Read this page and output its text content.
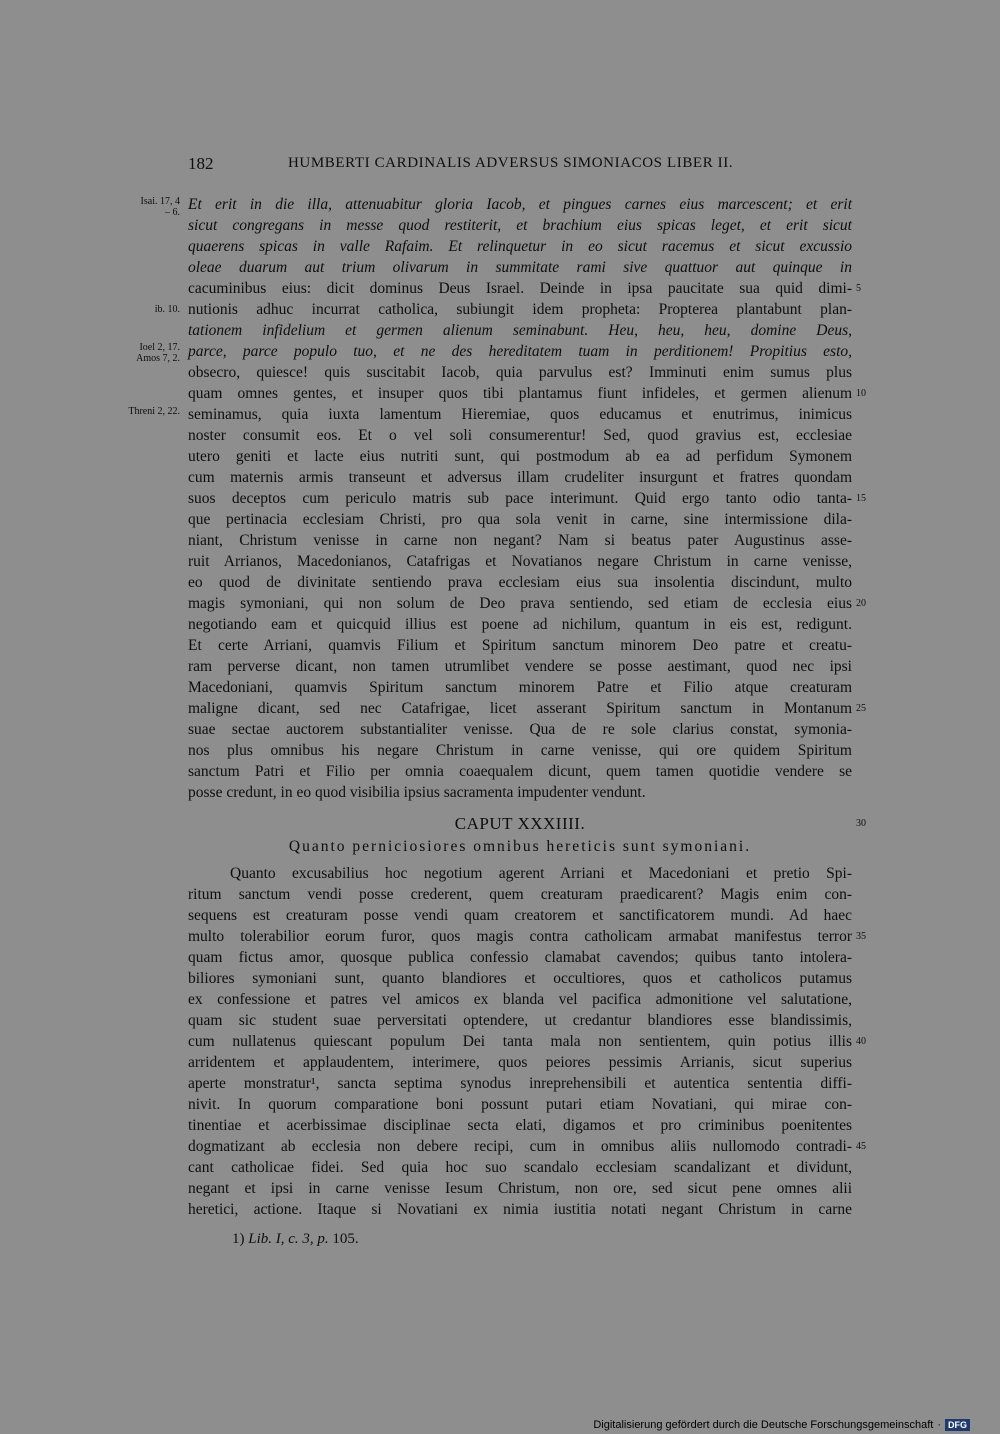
182	HUMBERTI CARDINALIS ADVERSUS SIMONIACOS LIBER II.
Isai. 17, 4
– 6.
ib. 10.
Ioel 2, 17.
Amos 7, 2.
Threni 2, 22.
Et erit in die illa, attenuabitur gloria Iacob, et pingues carnes eius marcescent; et erit
sicut congregans in messe quod restiterit, et brachium eius spicas leget, et erit sicut
quaerens spicas in valle Rafaim. Et relinquetur in eo sicut racemus et sicut excussio
oleae duarum aut trium olivarum in summitate rami sive quattuor aut quinque in
cacuminibus eius: dicit dominus Deus Israel. Deinde in ipsa paucitate sua quid dimi-
nutionis adhuc incurrat catholica, subiungit idem propheta: Propterea plantabunt plan-
tationem infidelium et germen alienum seminabunt. Heu, heu, heu, domine Deus,
parce, parce populo tuo, et ne des hereditatem tuam in perditionem! Propitius esto,
obsecro, quiesce! quis suscitabit Iacob, quia parvulus est? Imminuti enim sumus plus
quam omnes gentes, et insuper quos tibi plantamus fiunt infideles, et germen alienum
seminamus, quia iuxta lamentum Hieremiae, quos educamus et enutrimus, inimicus
noster consumit eos. Et o vel soli consumerentur! Sed, quod gravius est, ecclesiae
utero geniti et lacte eius nutriti sunt, qui postmodum ab ea ad perfidum Symonem
cum maternis armis transeunt et adversus illam crudeliter insurgunt et fratres quondam
suos deceptos cum periculo matris sub pace interimunt. Quid ergo tanto odio tanta-
que pertinacia ecclesiam Christi, pro qua sola venit in carne, sine intermissione dila-
niant, Christum venisse in carne non negant? Nam si beatus pater Augustinus asse-
ruit Arrianos, Macedonianos, Catafrigas et Novatianos negare Christum in carne venisse,
eo quod de divinitate sentiendo prava ecclesiam eius sua insolentia discindunt, multo
magis symoniani, qui non solum de Deo prava sentiendo, sed etiam de ecclesia eius
negotiando eam et quicquid illius est poene ad nichilum, quantum in eis est, redigunt.
Et certe Arriani, quamvis Filium et Spiritum sanctum minorem Deo patre et creatu-
ram perverse dicant, non tamen utrumlibet vendere se posse aestimant, quod nec ipsi
Macedoniani, quamvis Spiritum sanctum minorem Patre et Filio atque creaturam
maligne dicant, sed nec Catafrigae, licet asserant Spiritum sanctum in Montanum
suae sectae auctorem substantialiter venisse. Qua de re sole clarius constat, symonia-
nos plus omnibus his negare Christum in carne venisse, qui ore quidem Spiritum
sanctum Patri et Filio per omnia coaequalem dicunt, quem tamen quotidie vendere se
posse credunt, in eo quod visibilia ipsius sacramenta impudenter vendunt.
CAPUT XXXIIII.
Quanto perniciosiores omnibus hereticis sunt symoniani.
Quanto excusabilius hoc negotium agerent Arriani et Macedoniani et pretio Spi-
ritum sanctum vendi posse crederent, quem creaturam praedicarent? Magis enim con-
sequens est creaturam posse vendi quam creatorem et sanctificatorem mundi. Ad haec
multo tolerabilior eorum furor, quos magis contra catholicam armabat manifestus terror
quam fictus amor, quosque publica confessio clamabat cavendos; quibus tanto intolera-
biliores symoniani sunt, quanto blandiores et occultiores, quos et catholicos putamus
ex confessione et patres vel amicos ex blanda vel pacifica admonitione vel salutatione,
quam sic student suae perversitati optendere, ut credantur blandiores esse blandissimis,
cum nullatenus quiescant populum Dei tanta mala non sentientem, quin potius illis
arridentem et applaudentem, interimere, quos peiores pessimis Arrianis, sicut superius
aperte monstratur¹, sancta septima synodus inreprehensibili et autentica sententia diffi-
nivit. In quorum comparatione boni possunt putari etiam Novatiani, qui mirae con-
tinentiae et acerbissimae disciplinae secta elati, digamos et pro criminibus poenitentes
dogmatizant ab ecclesia non debere recipi, cum in omnibus aliis nullomodo contradi-
cant catholicae fidei. Sed quia hoc suo scandalo ecclesiam scandalizant et dividunt,
negant et ipsi in carne venisse Iesum Christum, non ore, sed sicut pene omnes alii
heretici, actione. Itaque si Novatiani ex nimia iustitia notati negant Christum in carne
5
10
15
20
25
30
35
40
45
1) Lib. I, c. 3, p. 105.
Digitalisierung gefördert durch die Deutsche Forschungsgemeinschaft · DFG
